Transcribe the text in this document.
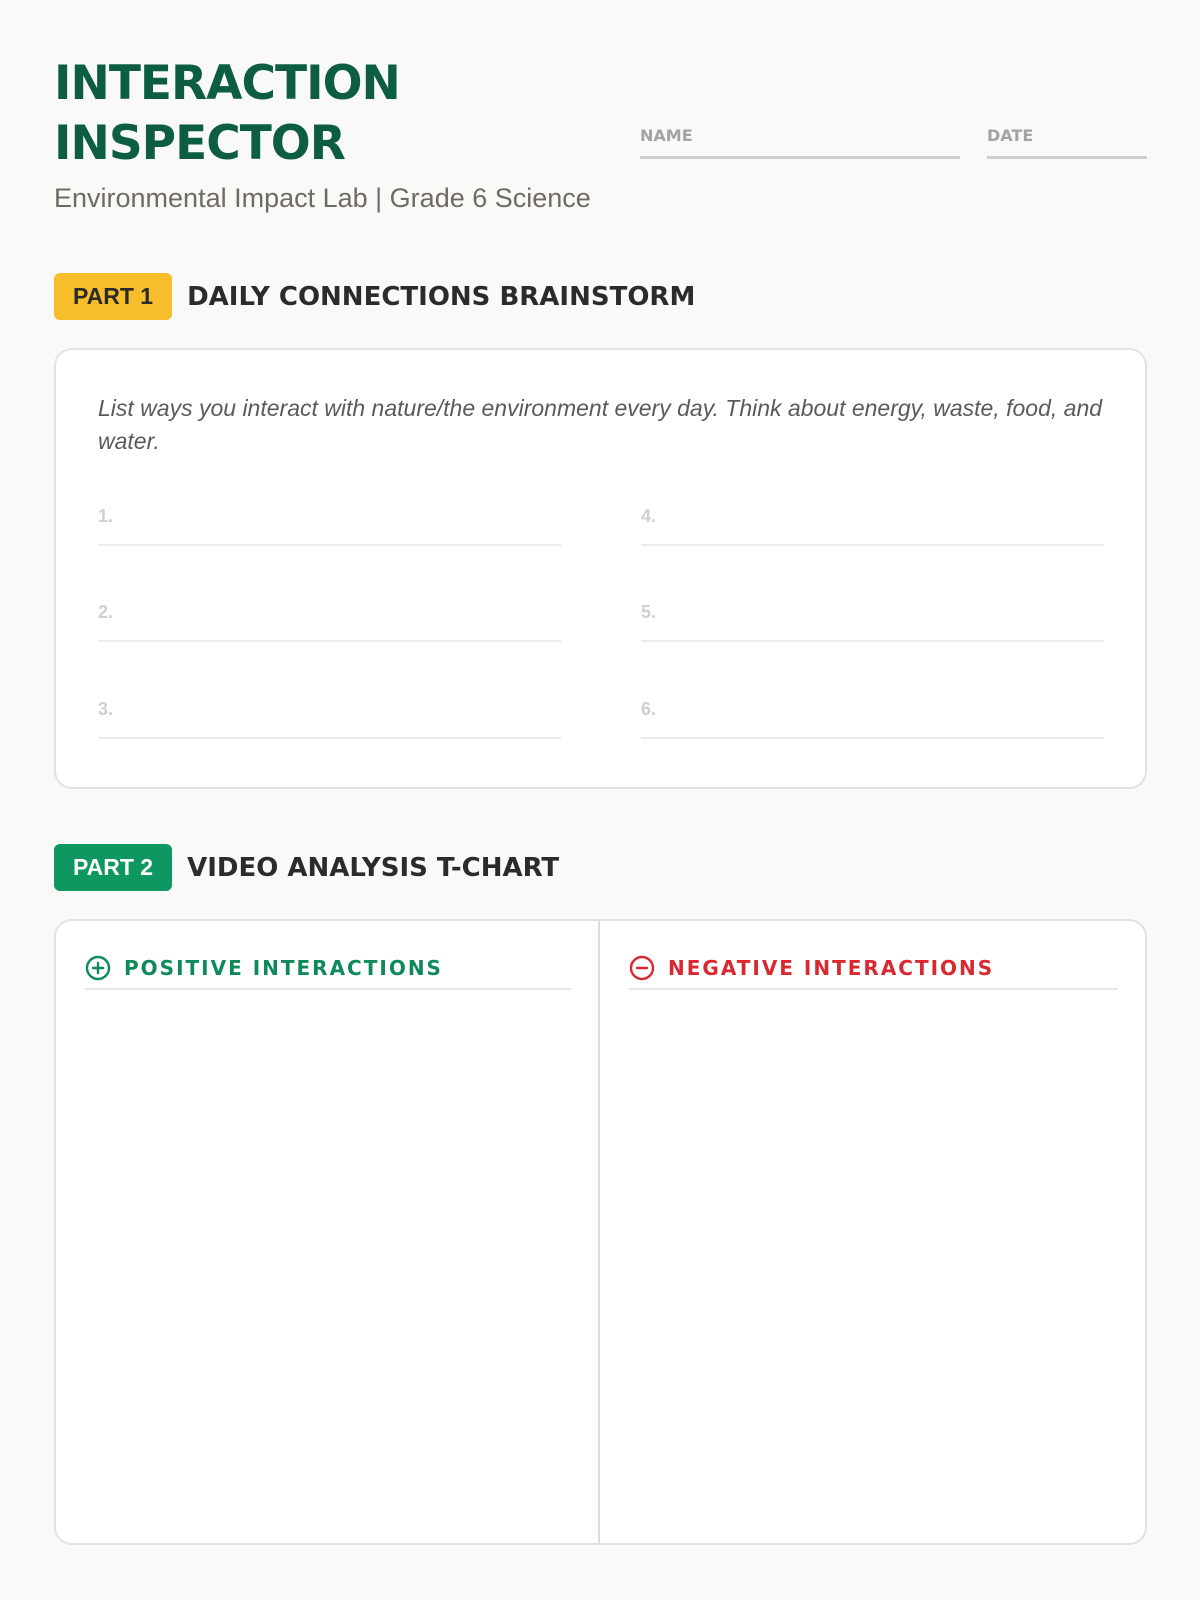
INTERACTION
INSPECTOR
Environmental Impact Lab | Grade 6 Science
NAME	DATE
PART 1	DAILY CONNECTIONS BRAINSTORM

List ways you interact with nature/the environment every day. Think about energy, waste, food, and water.

1.
2.
3.
4.
5.
6.
PART 2	VIDEO ANALYSIS T-CHART
POSITIVE INTERACTIONS	NEGATIVE INTERACTIONS
